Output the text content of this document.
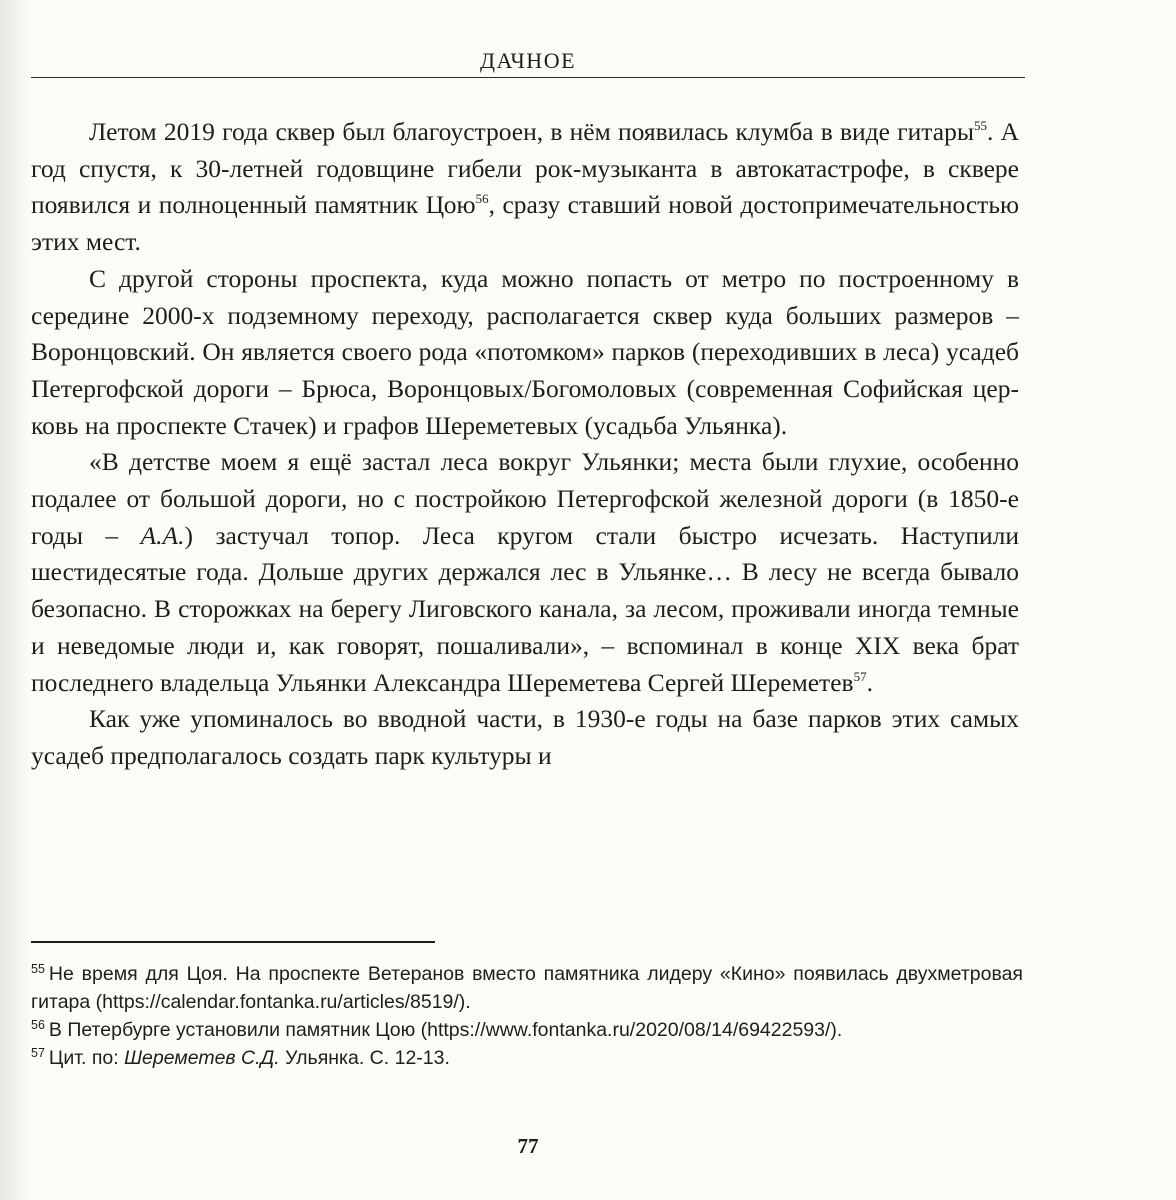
ДАЧНОЕ

Летом 2019 года сквер был благоустроен, в нём появилась клумба в виде гитары$^{55}$. А год спустя, к 30-летней годовщине гибели рок-музыканта в автокатастрофе, в сквере появился и полноценный памятник Цою$^{56}$, сразу ставший новой достопримечательностью этих мест.

С другой стороны проспекта, куда можно попасть от метро по построенному в середине 2000-х подземному переходу, располагается сквер куда больших размеров – Воронцовский. Он является своего рода «потомком» парков (переходивших в леса) усадеб Петергофской дороги – Брюса, Воронцовых/Богомоловых (современная Софийская церковь на проспекте Стачек) и графов Шереметевых (усадьба Ульянка).

«В детстве моем я ещё застал леса вокруг Ульянки; места были глухие, особенно подалее от большой дороги, но с постройкою Петергофской железной дороги (в 1850-е годы – А.А.) застучал топор. Леса кругом стали быстро исчезать. Наступили шестидесятые года. Дольше других держался лес в Ульянке… В лесу не всегда бывало безопасно. В сторожках на берегу Лиговского канала, за лесом, проживали иногда темные и неведомые люди и, как говорят, пошаливали», – вспоминал в конце XIX века брат последнего владельца Ульянки Александра Шереметева Сергей Шереметев$^{57}$.

Как уже упоминалось во вводной части, в 1930-е годы на базе парков этих самых усадеб предполагалось создать парк культуры и

$^{55}$ Не время для Цоя. На проспекте Ветеранов вместо памятника лидеру «Кино» появилась двухметровая гитара (https://calendar.fontanka.ru/articles/8519/).

$^{56}$ В Петербурге установили памятник Цою (https://www.fontanka.ru/2020/08/14/​69422593/).

$^{57}$ Цит. по: Шереметев С.Д. Ульянка. С. 12-13.

77
